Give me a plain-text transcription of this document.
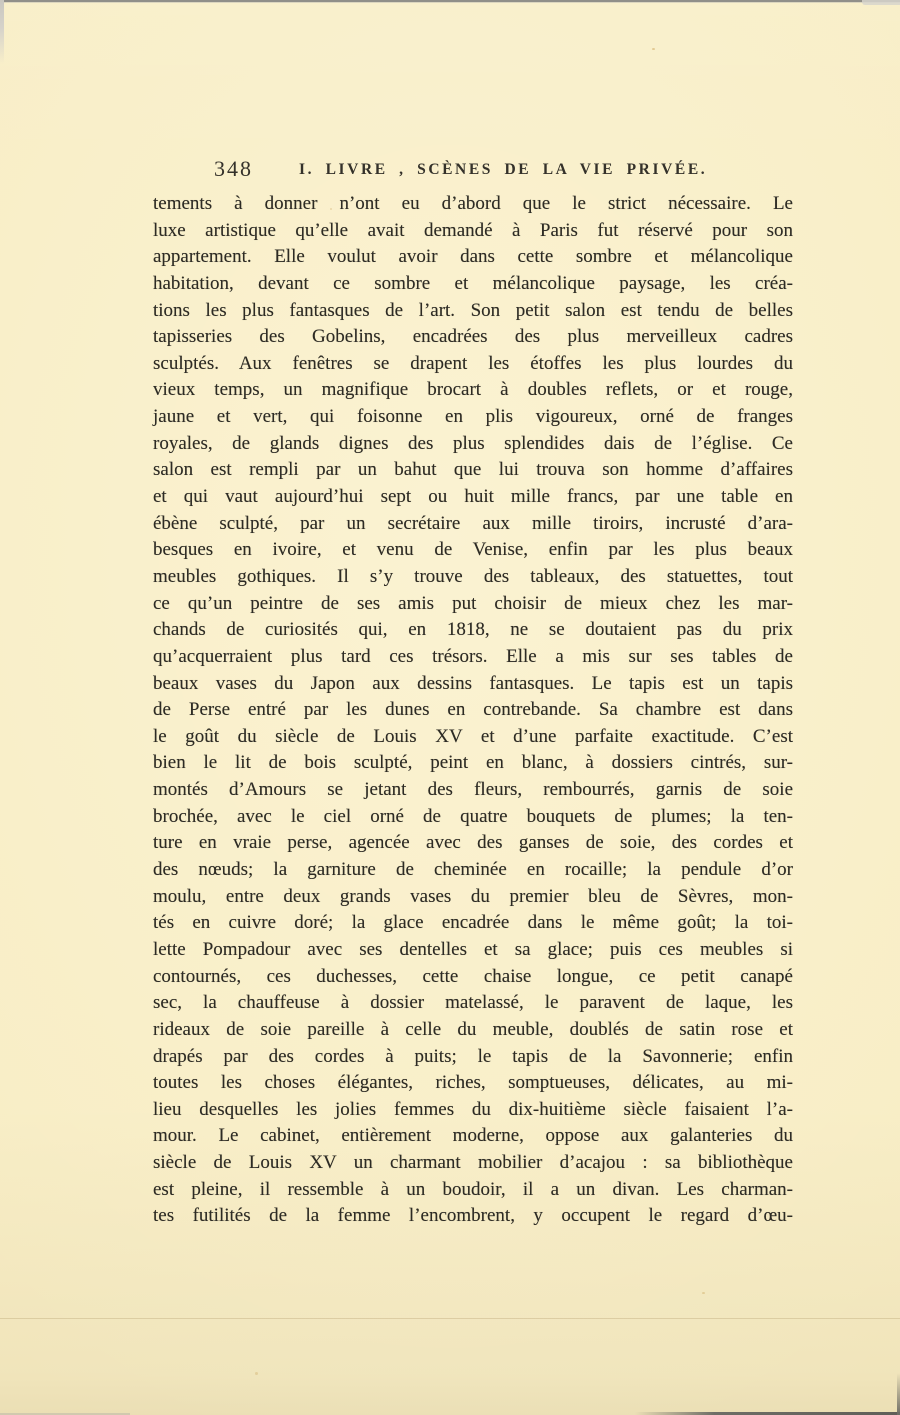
348	I. LIVRE , SCÈNES DE LA VIE PRIVÉE.
tements à donner n’ont eu d’abord que le strict nécessaire. Le
luxe artistique qu’elle avait demandé à Paris fut réservé pour son
appartement. Elle voulut avoir dans cette sombre et mélancolique
habitation, devant ce sombre et mélancolique paysage, les créa-
tions les plus fantasques de l’art. Son petit salon est tendu de belles
tapisseries des Gobelins, encadrées des plus merveilleux cadres
sculptés. Aux fenêtres se drapent les étoffes les plus lourdes du
vieux temps, un magnifique brocart à doubles reflets, or et rouge,
jaune et vert, qui foisonne en plis vigoureux, orné de franges
royales, de glands dignes des plus splendides dais de l’église. Ce
salon est rempli par un bahut que lui trouva son homme d’affaires
et qui vaut aujourd’hui sept ou huit mille francs, par une table en
ébène sculpté, par un secrétaire aux mille tiroirs, incrusté d’ara-
besques en ivoire, et venu de Venise, enfin par les plus beaux
meubles gothiques. Il s’y trouve des tableaux, des statuettes, tout
ce qu’un peintre de ses amis put choisir de mieux chez les mar-
chands de curiosités qui, en 1818, ne se doutaient pas du prix
qu’acquerraient plus tard ces trésors. Elle a mis sur ses tables de
beaux vases du Japon aux dessins fantasques. Le tapis est un tapis
de Perse entré par les dunes en contrebande. Sa chambre est dans
le goût du siècle de Louis XV et d’une parfaite exactitude. C’est
bien le lit de bois sculpté, peint en blanc, à dossiers cintrés, sur-
montés d’Amours se jetant des fleurs, rembourrés, garnis de soie
brochée, avec le ciel orné de quatre bouquets de plumes; la ten-
ture en vraie perse, agencée avec des ganses de soie, des cordes et
des nœuds; la garniture de cheminée en rocaille; la pendule d’or
moulu, entre deux grands vases du premier bleu de Sèvres, mon-
tés en cuivre doré; la glace encadrée dans le même goût; la toi-
lette Pompadour avec ses dentelles et sa glace; puis ces meubles si
contournés, ces duchesses, cette chaise longue, ce petit canapé
sec, la chauffeuse à dossier matelassé, le paravent de laque, les
rideaux de soie pareille à celle du meuble, doublés de satin rose et
drapés par des cordes à puits; le tapis de la Savonnerie; enfin
toutes les choses élégantes, riches, somptueuses, délicates, au mi-
lieu desquelles les jolies femmes du dix-huitième siècle faisaient l’a-
mour. Le cabinet, entièrement moderne, oppose aux galanteries du
siècle de Louis XV un charmant mobilier d’acajou : sa bibliothèque
est pleine, il ressemble à un boudoir, il a un divan. Les charman-
tes futilités de la femme l’encombrent, y occupent le regard d’œu-
